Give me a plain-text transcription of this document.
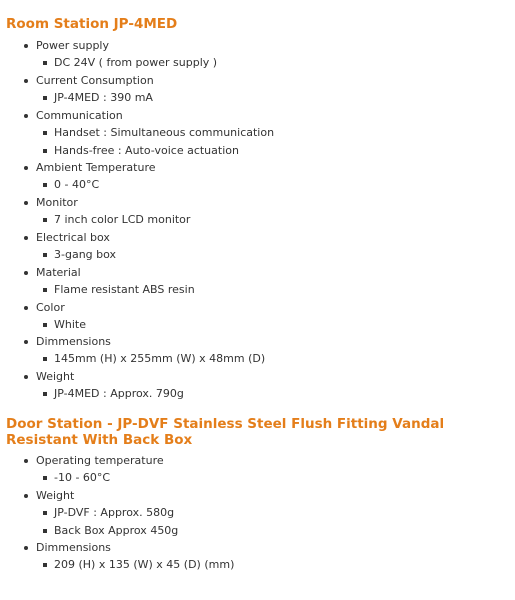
Room Station JP-4MED
Power supply
DC 24V ( from power supply )
Current Consumption
JP-4MED : 390 mA
Communication
Handset : Simultaneous communication
Hands-free : Auto-voice actuation
Ambient Temperature
0 - 40°C
Monitor
7 inch color LCD monitor
Electrical box
3-gang box
Material
Flame resistant ABS resin
Color
White
Dimmensions
145mm (H) x 255mm (W) x 48mm (D)
Weight
JP-4MED : Approx. 790g
Door Station - JP-DVF Stainless Steel Flush Fitting Vandal Resistant With Back Box
Operating temperature
-10 - 60°C
Weight
JP-DVF : Approx. 580g
Back Box Approx 450g
Dimmensions
209 (H) x 135 (W) x 45 (D) (mm)
